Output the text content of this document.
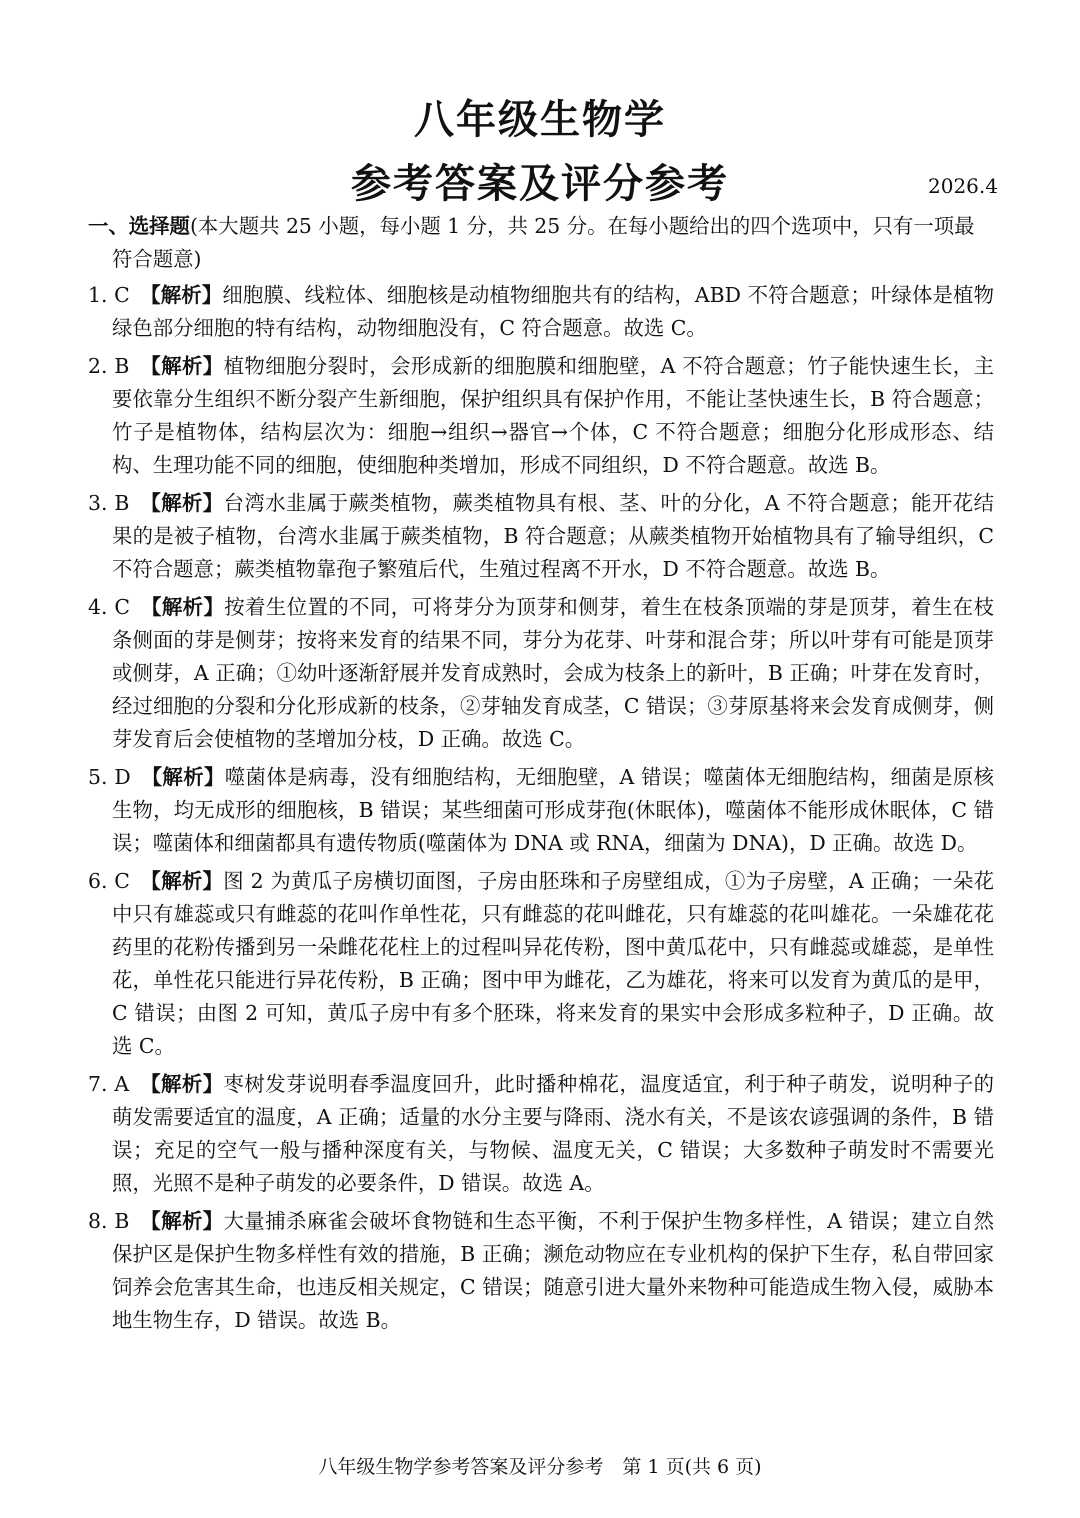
八年级生物学
参考答案及评分参考	2026.4

一、选择题(本大题共 25 小题，每小题 1 分，共 25 分。在每小题给出的四个选项中，只有一项最符合题意)

1. C　 【解析】细胞膜、线粒体、细胞核是动植物细胞共有的结构，ABD 不符合题意；叶绿体是植物绿色部分细胞的特有结构，动物细胞没有，C 符合题意。故选 C。

2. B　 【解析】植物细胞分裂时，会形成新的细胞膜和细胞壁，A 不符合题意；竹子能快速生长，主要依靠分生组织不断分裂产生新细胞，保护组织具有保护作用，不能让茎快速生长，B 符合题意；竹子是植物体，结构层次为：细胞→组织→器官→个体，C 不符合题意；细胞分化形成形态、结构、生理功能不同的细胞，使细胞种类增加，形成不同组织，D 不符合题意。故选 B。

3. B　 【解析】台湾水韭属于蕨类植物，蕨类植物具有根、茎、叶的分化，A 不符合题意；能开花结果的是被子植物，台湾水韭属于蕨类植物，B 符合题意；从蕨类植物开始植物具有了输导组织，C 不符合题意；蕨类植物靠孢子繁殖后代，生殖过程离不开水，D 不符合题意。故选 B。

4. C　 【解析】按着生位置的不同，可将芽分为顶芽和侧芽，着生在枝条顶端的芽是顶芽，着生在枝条侧面的芽是侧芽；按将来发育的结果不同，芽分为花芽、叶芽和混合芽；所以叶芽有可能是顶芽或侧芽，A 正确；①幼叶逐渐舒展并发育成熟时，会成为枝条上的新叶，B 正确；叶芽在发育时，经过细胞的分裂和分化形成新的枝条，②芽轴发育成茎，C 错误；③芽原基将来会发育成侧芽，侧芽发育后会使植物的茎增加分枝，D 正确。故选 C。

5. D　 【解析】噬菌体是病毒，没有细胞结构，无细胞壁，A 错误；噬菌体无细胞结构，细菌是原核生物，均无成形的细胞核，B 错误；某些细菌可形成芽孢(休眠体)，噬菌体不能形成休眠体，C 错误；噬菌体和细菌都具有遗传物质(噬菌体为 DNA 或 RNA，细菌为 DNA)，D 正确。故选 D。

6. C　 【解析】图 2 为黄瓜子房横切面图，子房由胚珠和子房壁组成，①为子房壁，A 正确；一朵花中只有雄蕊或只有雌蕊的花叫作单性花，只有雌蕊的花叫雌花，只有雄蕊的花叫雄花。一朵雄花花药里的花粉传播到另一朵雌花花柱上的过程叫异花传粉，图中黄瓜花中，只有雌蕊或雄蕊，是单性花，单性花只能进行异花传粉，B 正确；图中甲为雌花，乙为雄花，将来可以发育为黄瓜的是甲，C 错误；由图 2 可知，黄瓜子房中有多个胚珠，将来发育的果实中会形成多粒种子，D 正确。故选 C。

7. A　 【解析】枣树发芽说明春季温度回升，此时播种棉花，温度适宜，利于种子萌发，说明种子的萌发需要适宜的温度，A 正确；适量的水分主要与降雨、浇水有关，不是该农谚强调的条件，B 错误；充足的空气一般与播种深度有关，与物候、温度无关，C 错误；大多数种子萌发时不需要光照，光照不是种子萌发的必要条件，D 错误。故选 A。

8. B　 【解析】大量捕杀麻雀会破坏食物链和生态平衡，不利于保护生物多样性，A 错误；建立自然保护区是保护生物多样性有效的措施，B 正确；濒危动物应在专业机构的保护下生存，私自带回家饲养会危害其生命，也违反相关规定，C 错误；随意引进大量外来物种可能造成生物入侵，威胁本地生物生存，D 错误。故选 B。

八年级生物学参考答案及评分参考　第 1 页(共 6 页)
